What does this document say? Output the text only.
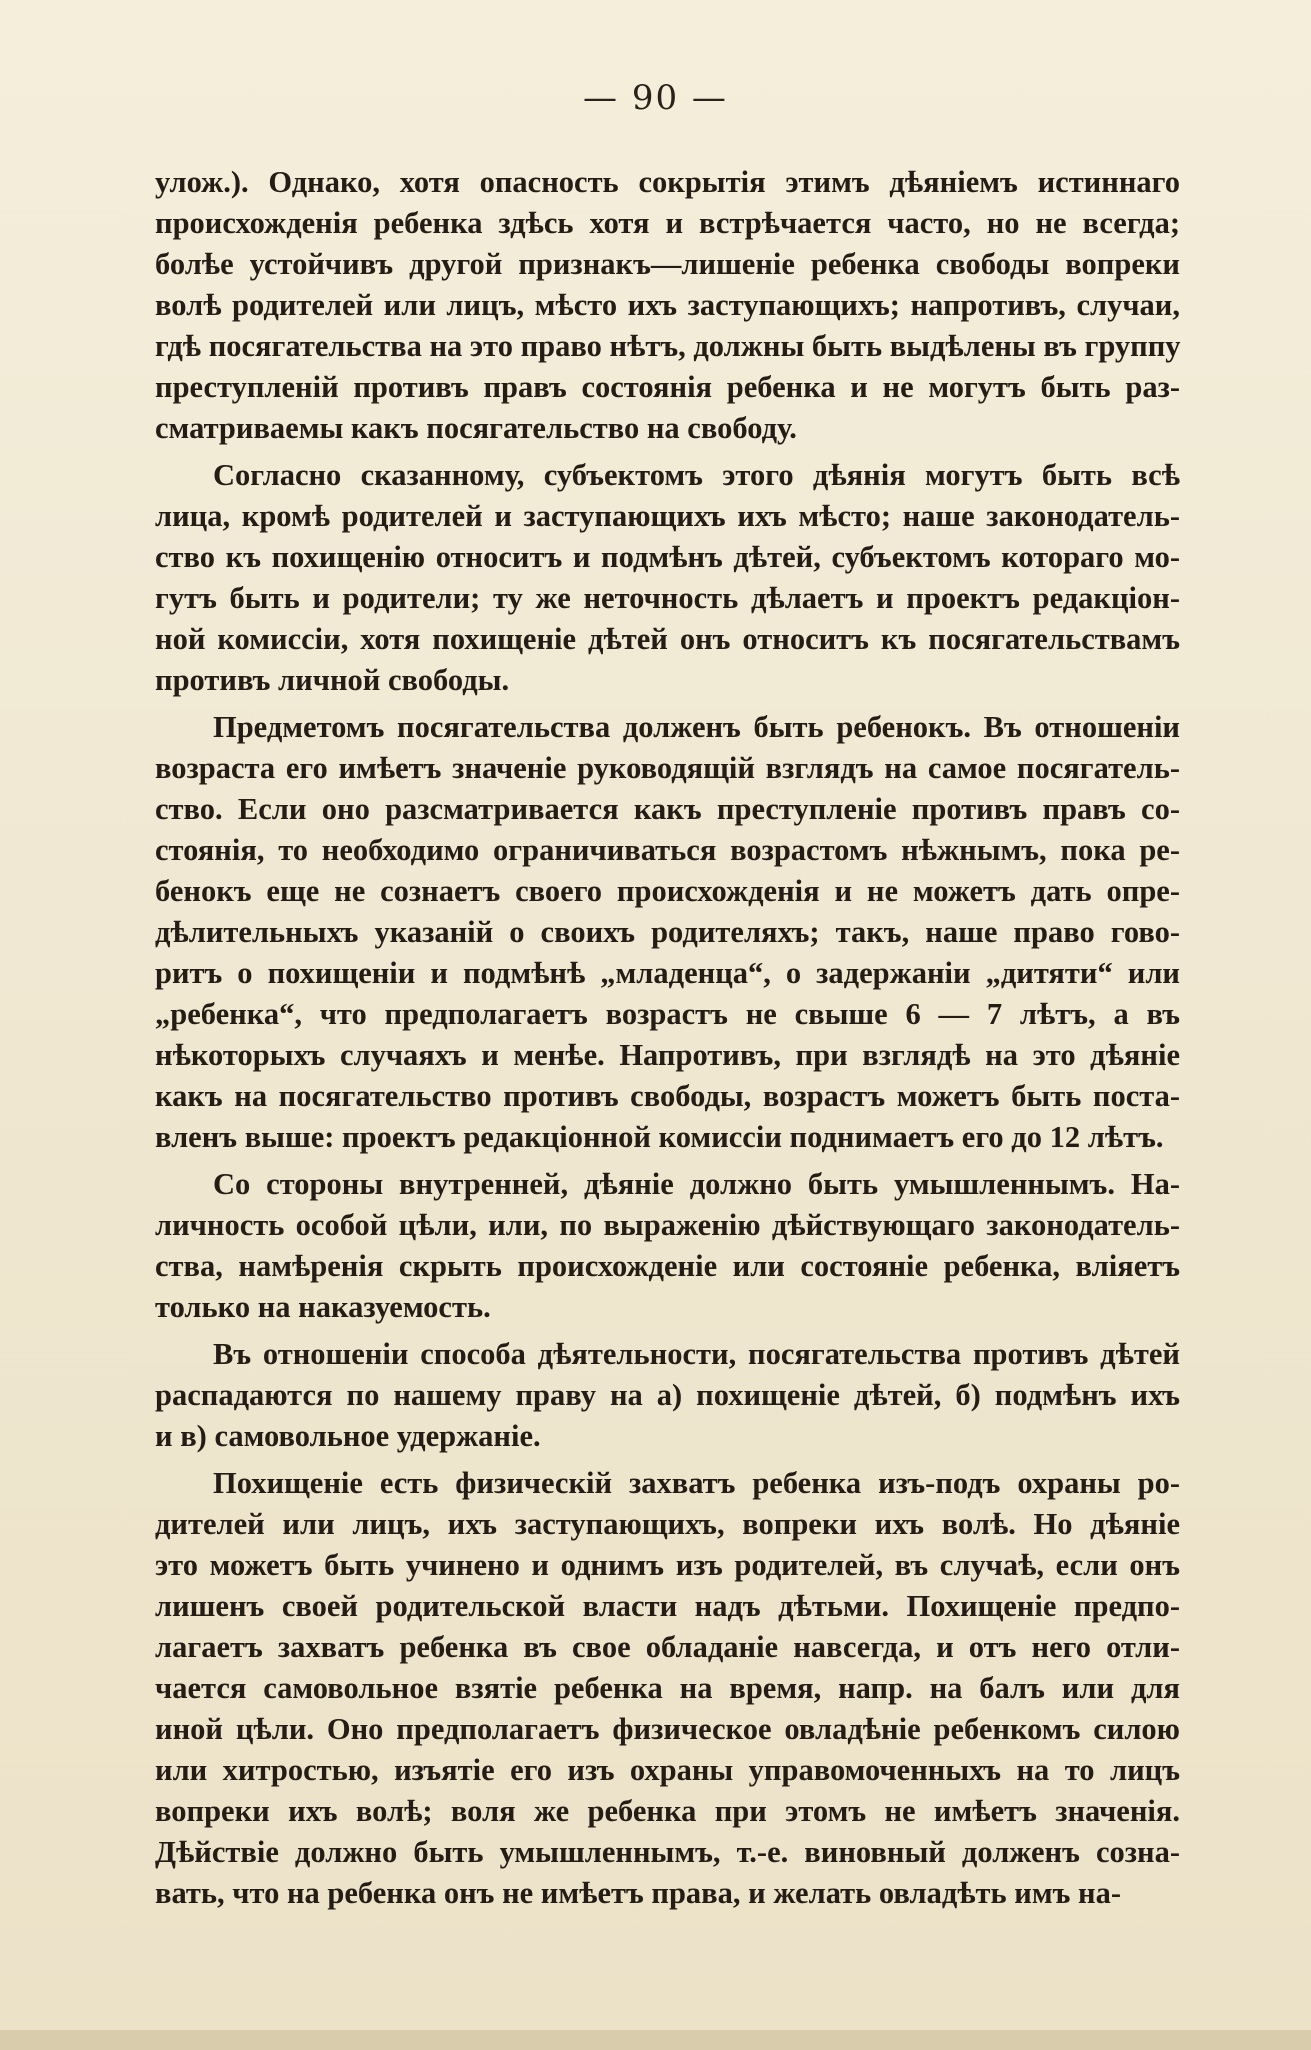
— 90 —
улож.). Однако, хотя опасность сокрытія этимъ дѣяніемъ истиннаго
происхожденія ребенка здѣсь хотя и встрѣчается часто, но не всегда;
болѣе устойчивъ другой признакъ—лишеніе ребенка свободы вопреки
волѣ родителей или лицъ, мѣсто ихъ заступающихъ; напротивъ, случаи,
гдѣ посягательства на это право нѣтъ, должны быть выдѣлены въ группу
преступленій противъ правъ состоянія ребенка и не могутъ быть раз-
сматриваемы какъ посягательство на свободу.
Согласно сказанному, субъектомъ этого дѣянія могутъ быть всѣ
лица, кромѣ родителей и заступающихъ ихъ мѣсто; наше законодатель-
ство къ похищенію относитъ и подмѣнъ дѣтей, субъектомъ котораго мо-
гутъ быть и родители; ту же неточность дѣлаетъ и проектъ редакціон-
ной комиссіи, хотя похищеніе дѣтей онъ относитъ къ посягательствамъ
противъ личной свободы.
Предметомъ посягательства долженъ быть ребенокъ. Въ отношеніи
возраста его имѣетъ значеніе руководящій взглядъ на самое посягатель-
ство. Если оно разсматривается какъ преступленіе противъ правъ со-
стоянія, то необходимо ограничиваться возрастомъ нѣжнымъ, пока ре-
бенокъ еще не сознаетъ своего происхожденія и не можетъ дать опре-
дѣлительныхъ указаній о своихъ родителяхъ; такъ, наше право гово-
ритъ о похищеніи и подмѣнѣ „младенца“, о задержаніи „дитяти“ или
„ребенка“, что предполагаетъ возрастъ не свыше 6 — 7 лѣтъ, а въ
нѣкоторыхъ случаяхъ и менѣе. Напротивъ, при взглядѣ на это дѣяніе
какъ на посягательство противъ свободы, возрастъ можетъ быть поста-
вленъ выше: проектъ редакціонной комиссіи поднимаетъ его до 12 лѣтъ.
Со стороны внутренней, дѣяніе должно быть умышленнымъ. На-
личность особой цѣли, или, по выраженію дѣйствующаго законодатель-
ства, намѣренія скрыть происхожденіе или состояніе ребенка, вліяетъ
только на наказуемость.
Въ отношеніи способа дѣятельности, посягательства противъ дѣтей
распадаются по нашему праву на а) похищеніе дѣтей, б) подмѣнъ ихъ
и в) самовольное удержаніе.
Похищеніе есть физическій захватъ ребенка изъ-подъ охраны ро-
дителей или лицъ, ихъ заступающихъ, вопреки ихъ волѣ. Но дѣяніе
это можетъ быть учинено и однимъ изъ родителей, въ случаѣ, если онъ
лишенъ своей родительской власти надъ дѣтьми. Похищеніе предпо-
лагаетъ захватъ ребенка въ свое обладаніе навсегда, и отъ него отли-
чается самовольное взятіе ребенка на время, напр. на балъ или для
иной цѣли. Оно предполагаетъ физическое овладѣніе ребенкомъ силою
или хитростью, изъятіе его изъ охраны управомоченныхъ на то лицъ
вопреки ихъ волѣ; воля же ребенка при этомъ не имѣетъ значенія.
Дѣйствіе должно быть умышленнымъ, т.-е. виновный долженъ созна-
вать, что на ребенка онъ не имѣетъ права, и желать овладѣть имъ на-
